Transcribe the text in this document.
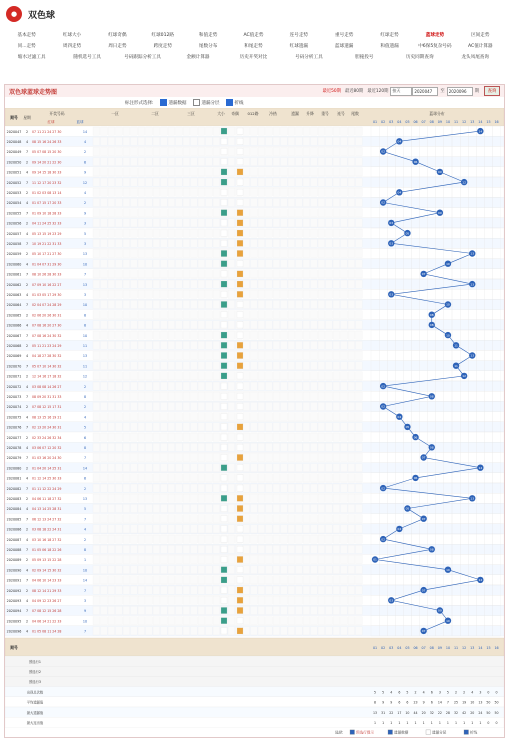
●	双色球
基本走势	红球大小	红球奇偶	红球012路	和值走势	AC值走势	连号走势	重号走势	红球走势	蓝球走势	区间走势
同...走势	周四走势	周日走势	跨度走势	尾数分布	和尾走势	红球遗漏	蓝球遗漏	和值遗漏	中6保5复杂号码	AC值计算器
缩水过滤工具	随机选号工具	号码跟踪分析工具	金额计算器	历史开奖对比	号码分析工具	胆拖投号	历史同期查询	龙头凤尾查询
双色球蓝球走势图	最近50期 最近80期 最近120期 按天	2020047	至	2020096	期	查询
标注形式选择:	遗漏数据	遗漏分层	折线
期号 星期
开奖号码
红球	蓝球
一区	二区	三区	大小 奇偶 012路	冷热	遗漏 升降 重号 连号 尾数	蓝球分布
01 02 03 04 05 06 07 08 09 10 11 12 13 14 15 16
2020047 2 07 11 21 24 27 30	14
2020048 4 08 15 16 24 26 33	4
2020049 7 05 07 08 15 20 30	2
2020050 2 09 14 20 21 22 30	6
2020051 4 09 14 15 18 30 33	9
2020052 7 11 12 17 20 23 32	12
2020053 2 01 02 03 08 13 14	4
2020054 4 01 07 15 17 20 33	2
2020055 7 01 09 10 18 28 33	9
2020056 2 04 11 24 25 32 33	3
2020057 4 05 13 15 19 23 29	5
2020058 7 10 19 21 22 31 33	3
2020059 2 05 10 17 21 27 30	13
2020060 4 01 04 07 31 29 30	10
2020061 7 08 10 26 28 30 33	7
2020062 2 07 09 10 16 22 27	13
2020063 4 01 03 05 17 29 30	3
2020064 7 02 04 07 24 28 29	10
2020065 2 02 06 20 26 30 31	8
2020066 4 07 08 16 20 27 30	8
2020067 7 07 08 16 24 30 32	10
2020068 2 05 11 21 23 24 29	11
2020069 4 04 18 27 28 30 32	13
2020070 7 05 07 10 14 30 32	11
2020071 2 12 14 16 17 18 32	12
2020072 4 03 08 08 14 26 27	2
2020073 7 08 09 20 31 31 33	8
2020074 2 07 08 12 15 17 31	2
2020075 4 08 13 15 16 19 21	4
2020076 7 02 13 20 24 30 31	5
2020077 2 02 33 24 26 32 34	6
2020078 4 03 06 07 12 20 32	8
2020079 7 01 03 16 20 24 30	7
2020080 2 01 04 20 14 25 31	14
2020081 4 01 12 14 25 30 33	6
2020082 7 01 11 12 22 24 29	2
2020083 2 04 06 11 18 27 32	13
2020084 4 04 13 14 25 28 31	5
2020085 7 06 12 13 24 27 32	7
2020086 2 03 08 18 22 24 31	4
2020087 4 03 10 16 18 27 32	2
2020088 7 01 05 06 18 22 26	8
2020089 2 05 09 13 15 22 28	1
2020090 4 02 09 14 15 30 32	10
2020091 7 04 06 10 14 23 33	14
2020092 2 08 12 14 21 29 33	7
2020093 4 04 09 12 23 26 27	3
2020094 7 07 08 12 15 26 28	9
2020095 2 04 06 14 21 22 33	10
2020096 4 01 05 08 11 24 28	7
14
04
02
06
09
12
04
02
09
03
05
03
13
10
07
13
03
10
08
08
10
11
13
11
12
02
08
02
04
05
06
08
07
14
06
02
13
05
07
04
02
08
01
10
14
07
03
09
10
07
期号	01 02 03 04 05 06 07 08 09 10 11 12 13 14 15 16
预选行1
预选行2
预选行3
出现总次数	5 5 4 6 5 2 4 6 3 5 2 2 4 3 0 0
平均遗漏值	8 9 9 6 6 23 9 6 14 7 25 19 10 13 50 50
最大遗漏值	13 31 22 17 10 44 20 32 22 28 32 42 20 24 50 50
最大连出值	1 1 1 1 1 1 1 1 1 1 1 1 1 1 0 0
选择:	预选行提示	遗漏数据	遗漏分层	折线
